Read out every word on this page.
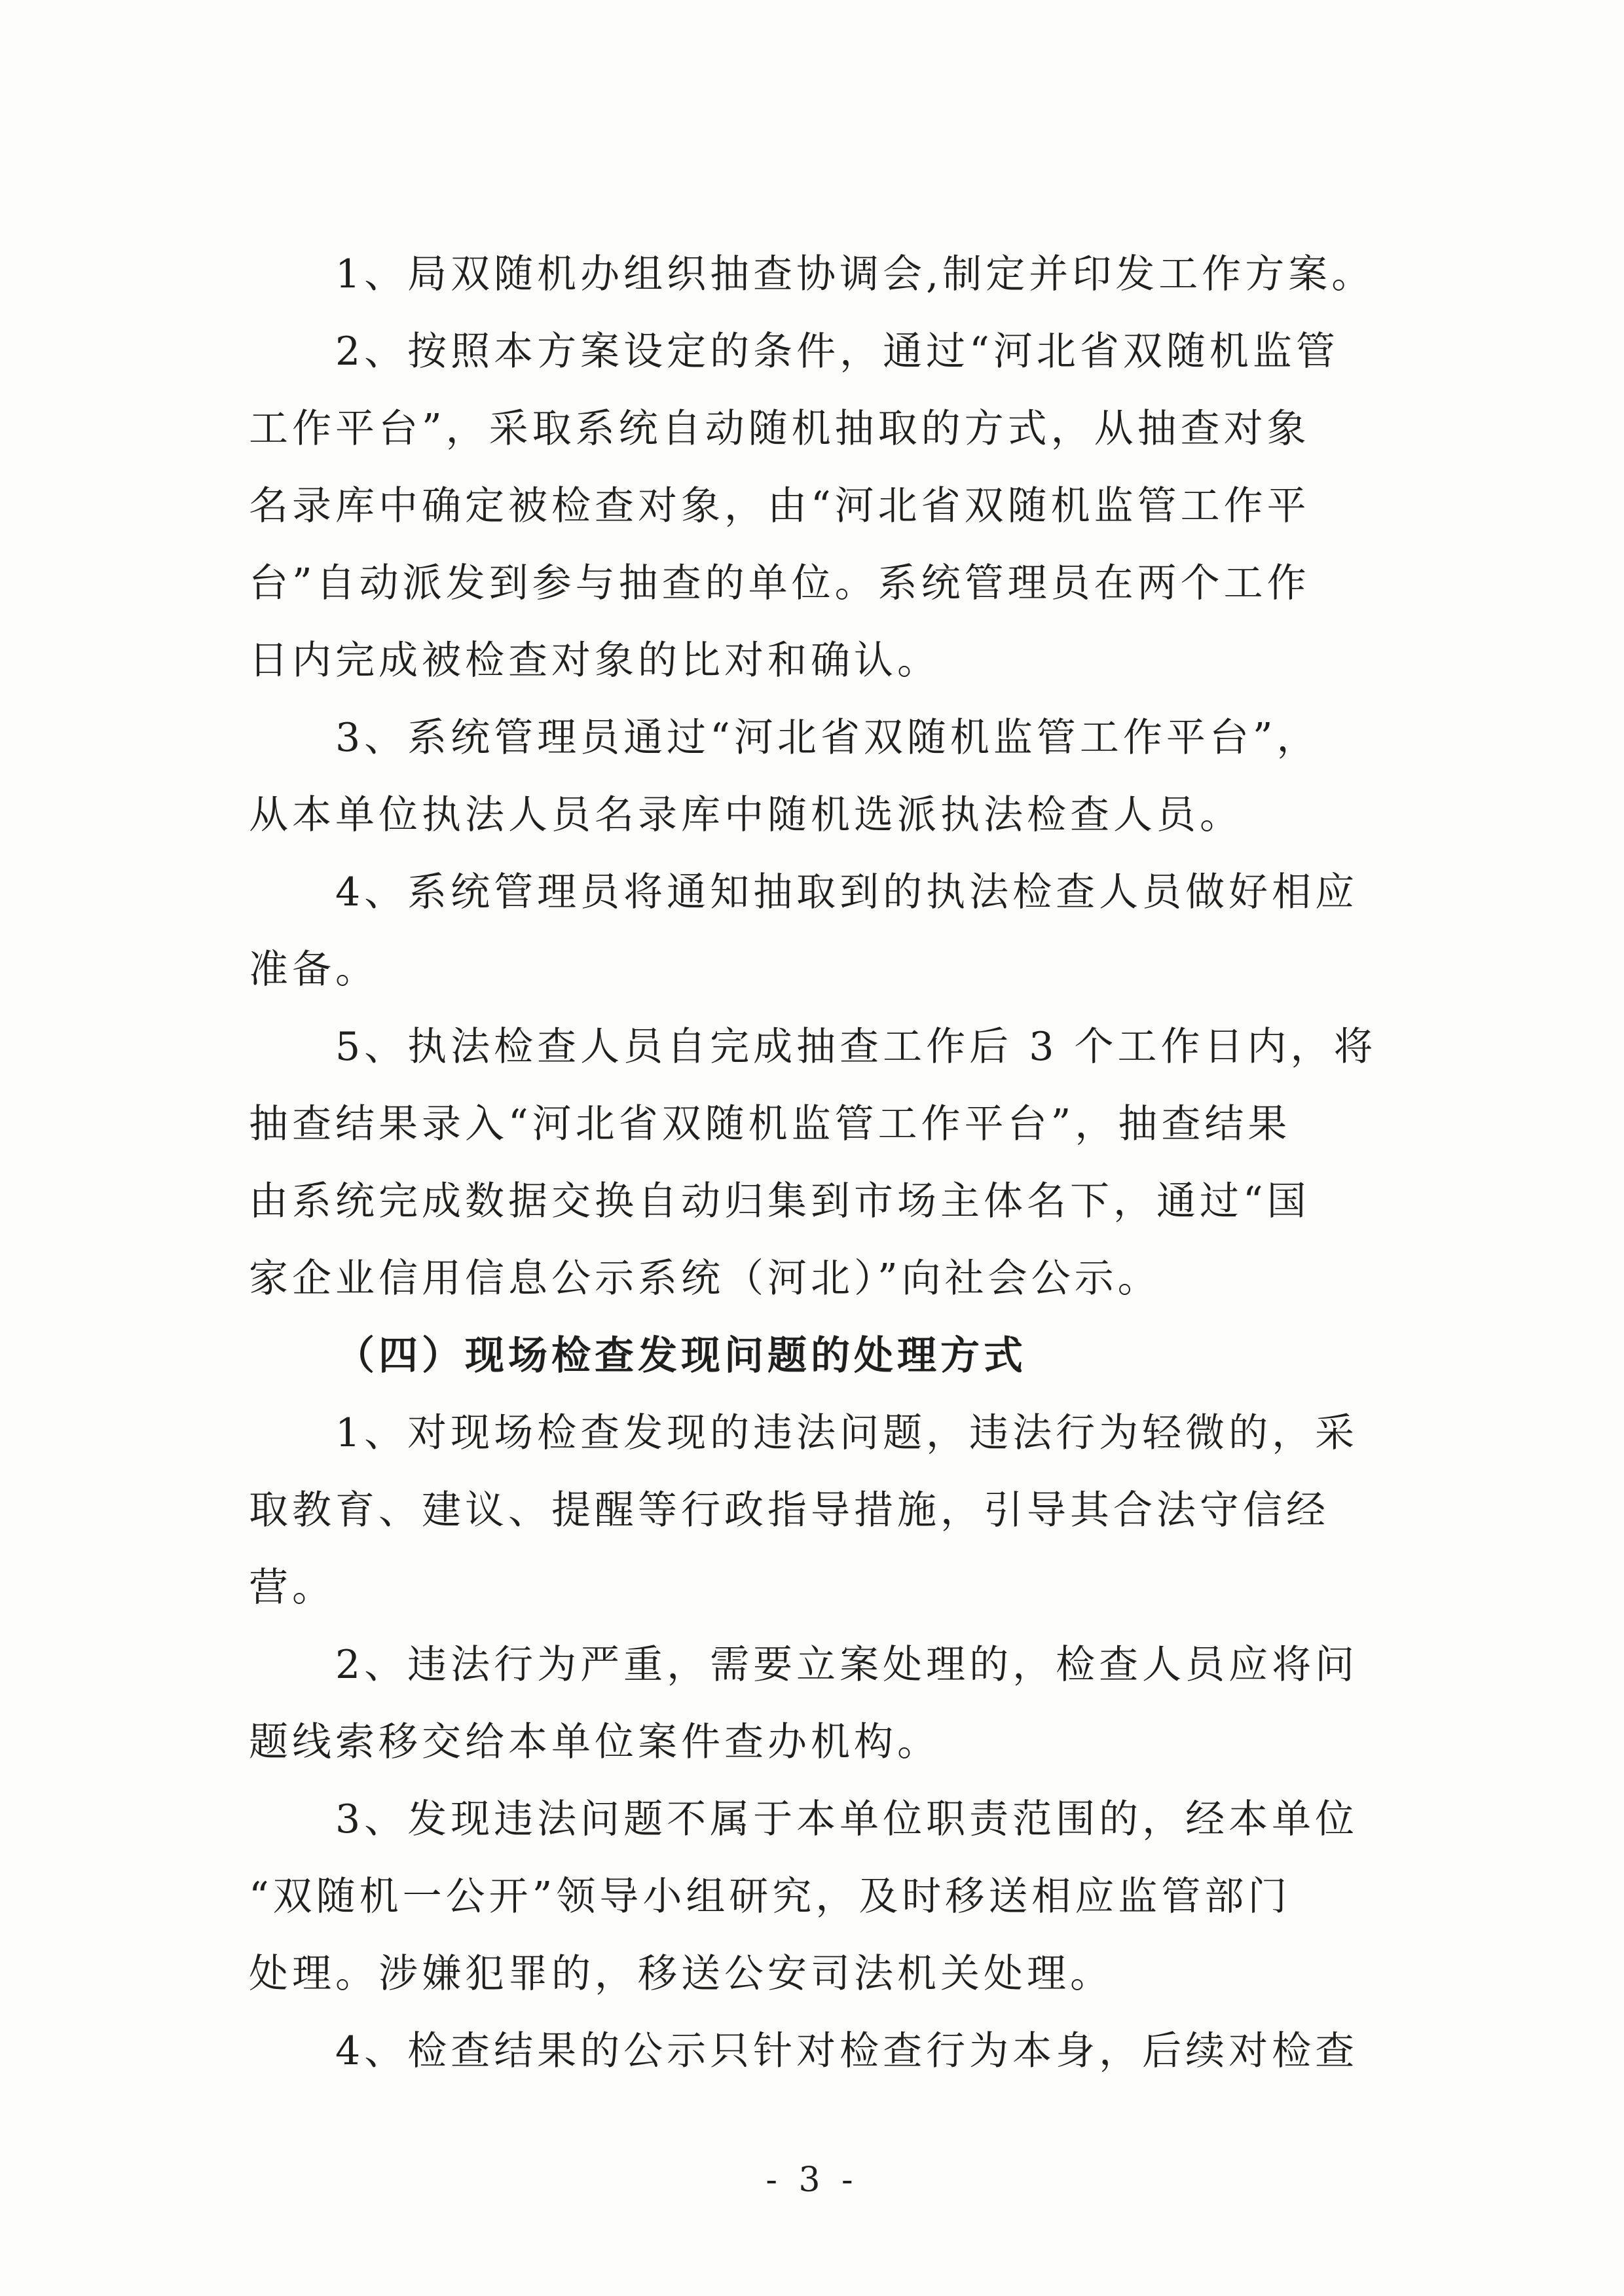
1、局双随机办组织抽查协调会,制定并印发工作方案。
2、按照本方案设定的条件，通过“河北省双随机监管
工作平台”，采取系统自动随机抽取的方式，从抽查对象
名录库中确定被检查对象，由“河北省双随机监管工作平
台”自动派发到参与抽查的单位。系统管理员在两个工作
日内完成被检查对象的比对和确认。
3、系统管理员通过“河北省双随机监管工作平台”，
从本单位执法人员名录库中随机选派执法检查人员。
4、系统管理员将通知抽取到的执法检查人员做好相应
准备。
5、执法检查人员自完成抽查工作后 3 个工作日内，将
抽查结果录入“河北省双随机监管工作平台”，抽查结果
由系统完成数据交换自动归集到市场主体名下，通过“国
家企业信用信息公示系统（河北）”向社会公示。
（四）现场检查发现问题的处理方式
1、对现场检查发现的违法问题，违法行为轻微的，采
取教育、建议、提醒等行政指导措施，引导其合法守信经
营。
2、违法行为严重，需要立案处理的，检查人员应将问
题线索移交给本单位案件查办机构。
3、发现违法问题不属于本单位职责范围的，经本单位
“双随机一公开”领导小组研究，及时移送相应监管部门
处理。涉嫌犯罪的，移送公安司法机关处理。
4、检查结果的公示只针对检查行为本身，后续对检查
- 3 -
